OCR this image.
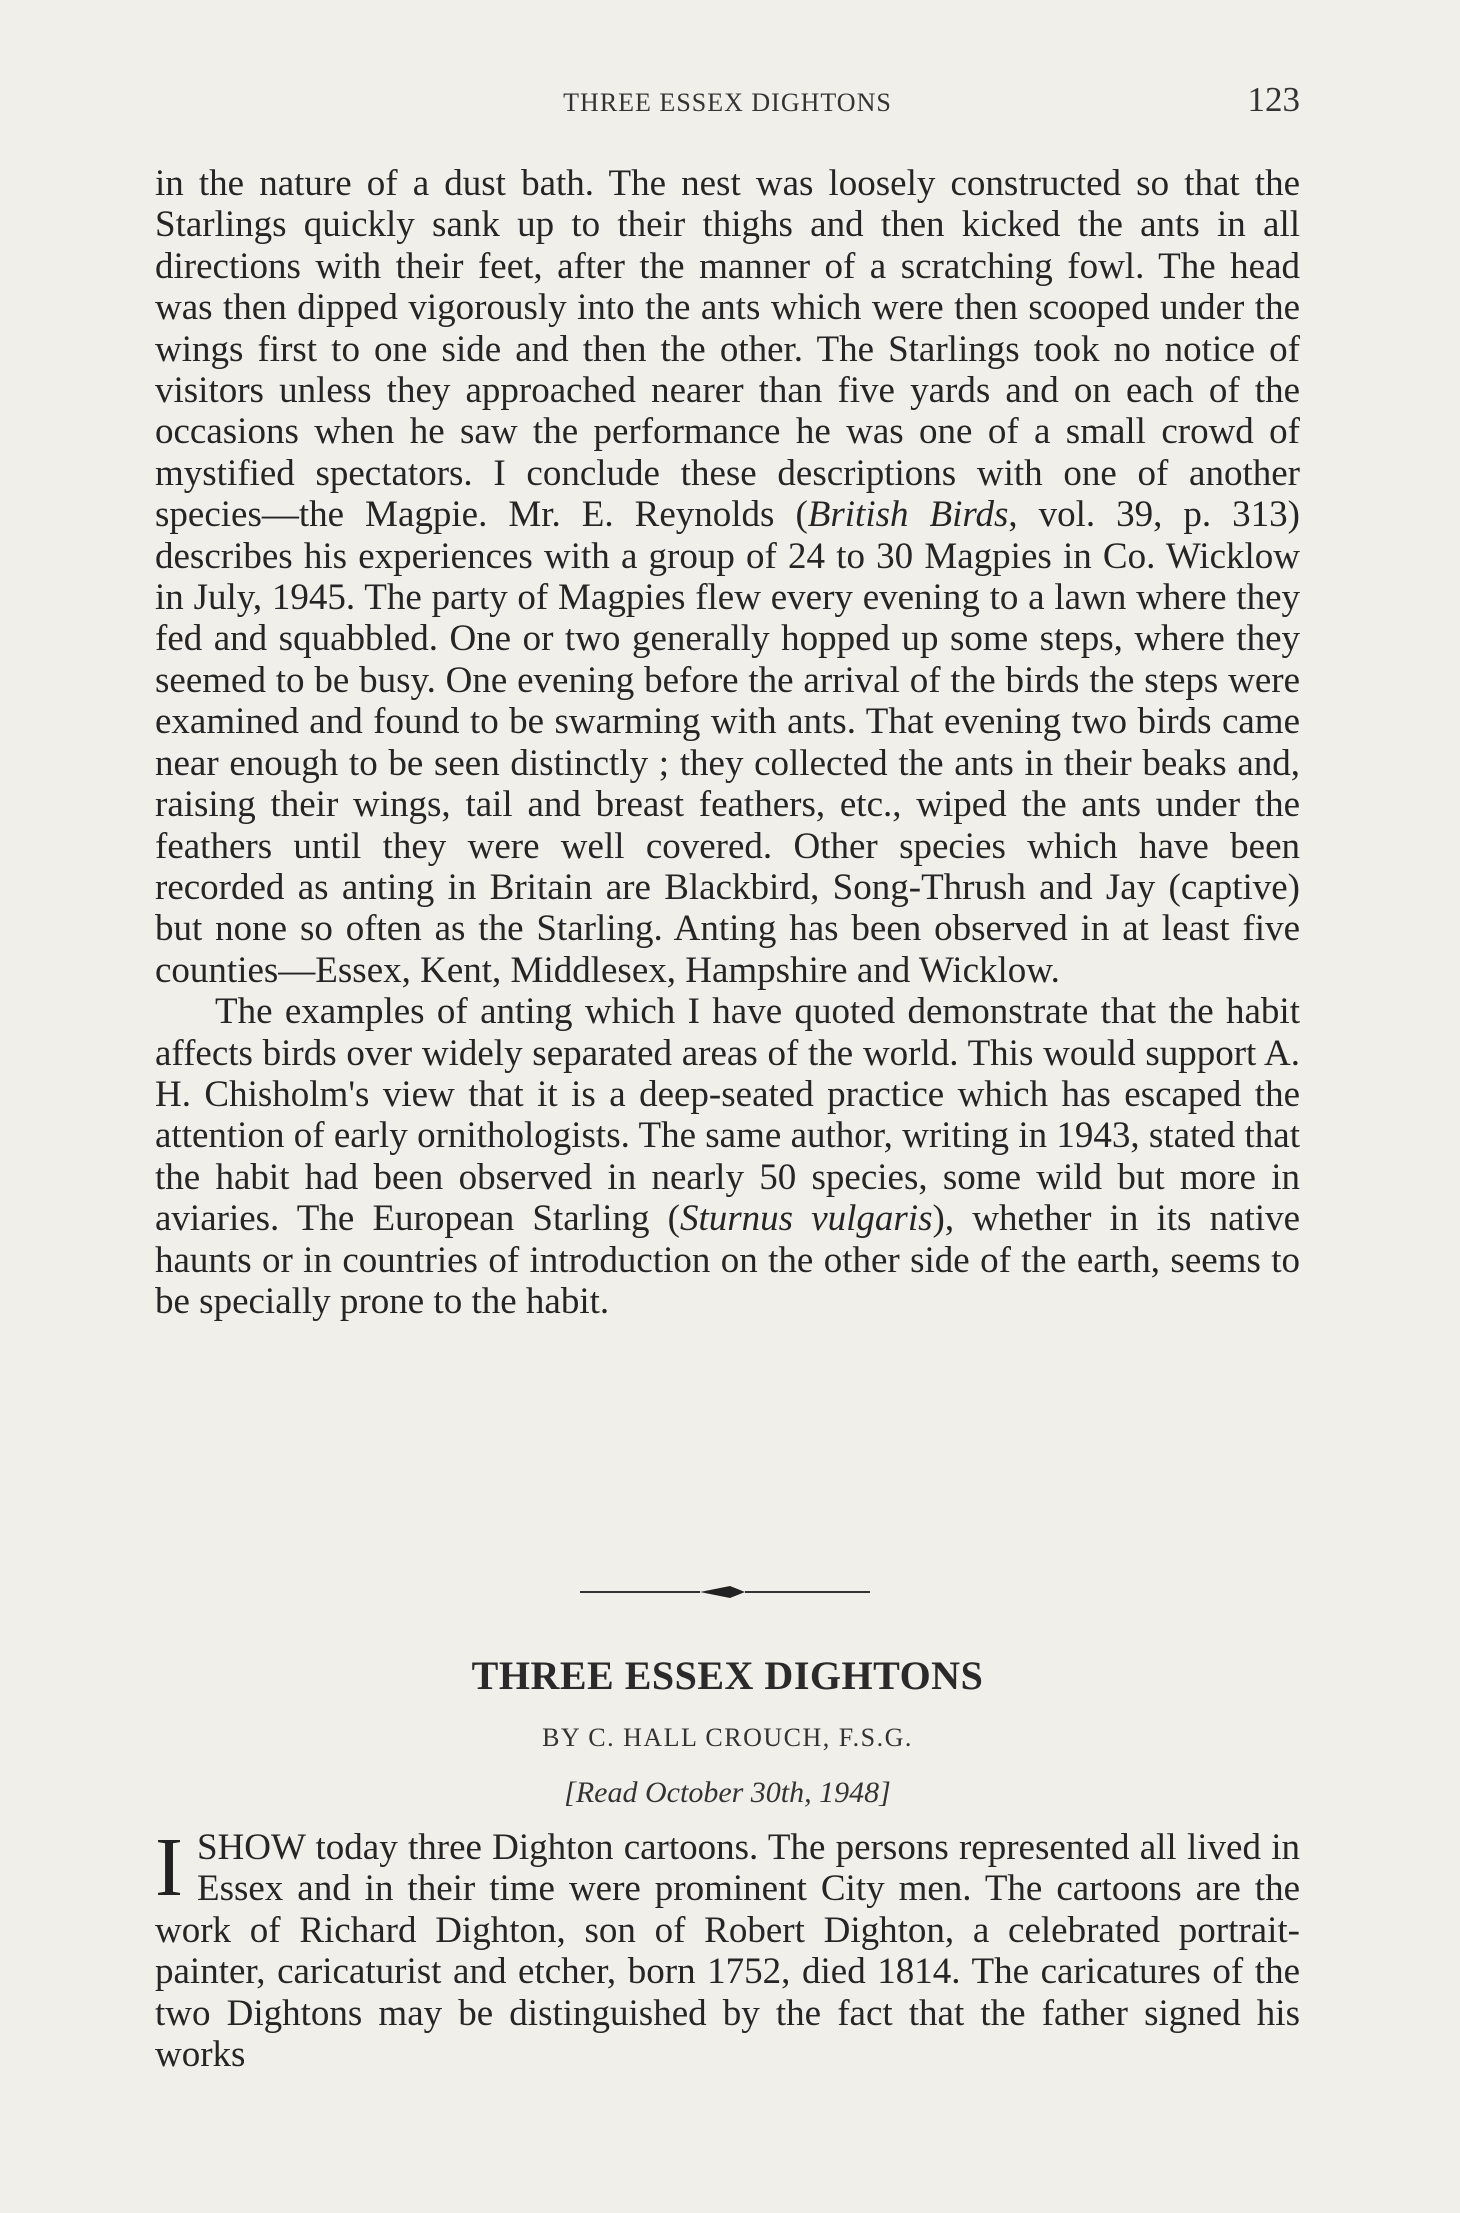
THREE ESSEX DIGHTONS	123

in the nature of a dust bath. The nest was loosely constructed so that the Starlings quickly sank up to their thighs and then kicked the ants in all directions with their feet, after the manner of a scratching fowl. The head was then dipped vigorously into the ants which were then scooped under the wings first to one side and then the other. The Starlings took no notice of visitors unless they approached nearer than five yards and on each of the occasions when he saw the performance he was one of a small crowd of mystified spectators. I conclude these descriptions with one of another species—the Magpie. Mr. E. Reynolds (British Birds, vol. 39, p. 313) describes his experiences with a group of 24 to 30 Magpies in Co. Wicklow in July, 1945. The party of Magpies flew every evening to a lawn where they fed and squabbled. One or two generally hopped up some steps, where they seemed to be busy. One evening before the arrival of the birds the steps were examined and found to be swarming with ants. That evening two birds came near enough to be seen distinctly ; they collected the ants in their beaks and, raising their wings, tail and breast feathers, etc., wiped the ants under the feathers until they were well covered. Other species which have been recorded as anting in Britain are Blackbird, Song-Thrush and Jay (captive) but none so often as the Starling. Anting has been observed in at least five counties—Essex, Kent, Middlesex, Hampshire and Wicklow.

The examples of anting which I have quoted demonstrate that the habit affects birds over widely separated areas of the world. This would support A. H. Chisholm's view that it is a deep-seated practice which has escaped the attention of early ornithologists. The same author, writing in 1943, stated that the habit had been observed in nearly 50 species, some wild but more in aviaries. The European Starling (Sturnus vulgaris), whether in its native haunts or in countries of introduction on the other side of the earth, seems to be specially prone to the habit.

THREE ESSEX DIGHTONS
BY C. HALL CROUCH, F.S.G.
[Read October 30th, 1948]

ISHOW today three Dighton cartoons. The persons represented all lived in Essex and in their time were prominent City men. The cartoons are the work of Richard Dighton, son of Robert Dighton, a celebrated portrait-painter, caricaturist and etcher, born 1752, died 1814. The caricatures of the two Dightons may be distinguished by the fact that the father signed his works
